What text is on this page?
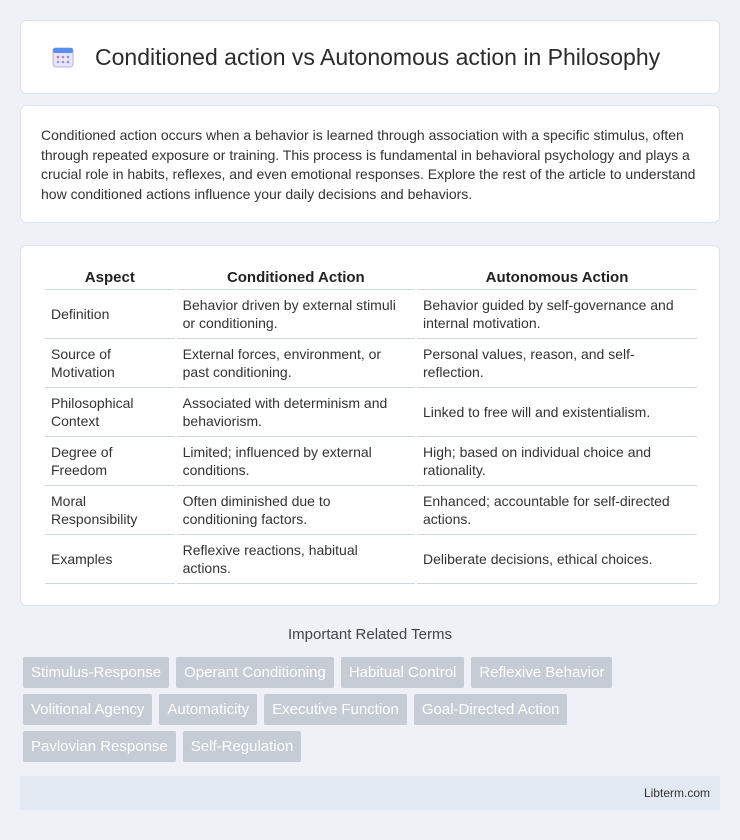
Conditioned action vs Autonomous action in Philosophy

Conditioned action occurs when a behavior is learned through association with a specific stimulus, often through repeated exposure or training. This process is fundamental in behavioral psychology and plays a crucial role in habits, reflexes, and even emotional responses. Explore the rest of the article to understand how conditioned actions influence your daily decisions and behaviors.

Aspect	Conditioned Action	Autonomous Action
Definition	Behavior driven by external stimuli or conditioning.	Behavior guided by self-governance and internal motivation.
Source of Motivation	External forces, environment, or past conditioning.	Personal values, reason, and self-reflection.
Philosophical Context	Associated with determinism and behaviorism.	Linked to free will and existentialism.
Degree of Freedom	Limited; influenced by external conditions.	High; based on individual choice and rationality.
Moral Responsibility	Often diminished due to conditioning factors.	Enhanced; accountable for self-directed actions.
Examples	Reflexive reactions, habitual actions.	Deliberate decisions, ethical choices.
Important Related Terms
Stimulus-Response	Operant Conditioning	Habitual Control	Reflexive Behavior
Volitional Agency	Automaticity	Executive Function	Goal-Directed Action
Pavlovian Response	Self-Regulation
Libterm.com
